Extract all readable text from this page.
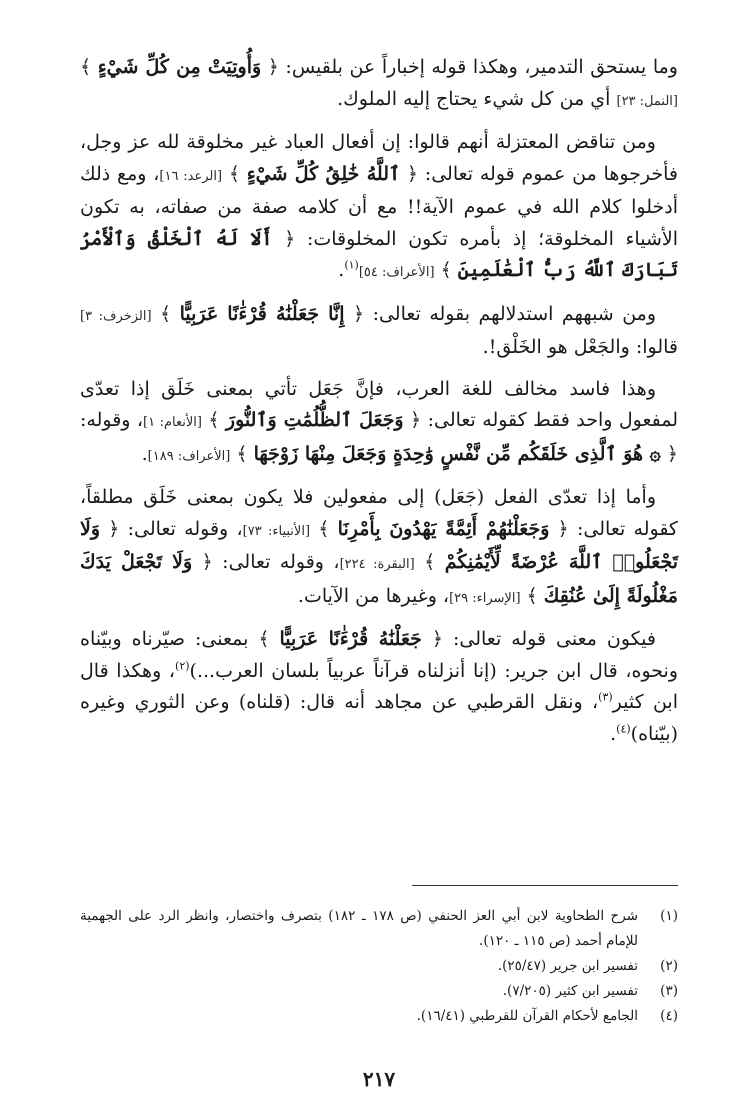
وما يستحق التدمير، وهكذا قوله إخباراً عن بلقيس: ﴿ وَأُوتِيَتْ مِن كُلِّ شَيْءٍ ﴾ [النمل: ٢٣] أي من كل شيء يحتاج إليه الملوك.

ومن تناقض المعتزلة أنهم قالوا: إن أفعال العباد غير مخلوقة لله عز وجل، فأخرجوها من عموم قوله تعالى: ﴿ ٱللَّهُ خَٰلِقُ كُلِّ شَيْءٍ ﴾ [الرعد: ١٦]، ومع ذلك أدخلوا كلام الله في عموم الآية!! مع أن كلامه صفة من صفاته، به تكون الأشياء المخلوقة؛ إذ بأمره تكون المخلوقات: ﴿ أَلَا لَهُ ٱلْخَلْقُ وَٱلْأَمْرُ تَبَارَكَ ٱللَّهُ رَبُّ ٱلْعَٰلَمِينَ ﴾ [الأعراف: ٥٤]$^{(١)}$.

ومن شبههم استدلالهم بقوله تعالى: ﴿ إِنَّا جَعَلْنَٰهُ قُرْءَٰنًا عَرَبِيًّا ﴾ [الزخرف: ٣] قالوا: والجَعْل هو الخَلْق!.

وهذا فاسد مخالف للغة العرب، فإنَّ جَعَل تأتي بمعنى خَلَق إذا تعدّى لمفعول واحد فقط كقوله تعالى: ﴿ وَجَعَلَ ٱلظُّلُمَٰتِ وَٱلنُّورَ ﴾ [الأنعام: ١]، وقوله: ﴿ ۞ هُوَ ٱلَّذِى خَلَقَكُم مِّن نَّفْسٍ وَٰحِدَةٍ وَجَعَلَ مِنْهَا زَوْجَهَا ﴾ [الأعراف: ١٨٩].

وأما إذا تعدّى الفعل (جَعَل) إلى مفعولين فلا يكون بمعنى خَلَق مطلقاً، كقوله تعالى: ﴿ وَجَعَلْنَٰهُمْ أَئِمَّةً يَهْدُونَ بِأَمْرِنَا ﴾ [الأنبياء: ٧٣]، وقوله تعالى: ﴿ وَلَا تَجْعَلُوا۟ ٱللَّهَ عُرْضَةً لِّأَيْمَٰنِكُمْ ﴾ [البقرة: ٢٢٤]، وقوله تعالى: ﴿ وَلَا تَجْعَلْ يَدَكَ مَغْلُولَةً إِلَىٰ عُنُقِكَ ﴾ [الإسراء: ٢٩]، وغيرها من الآيات.

فيكون معنى قوله تعالى: ﴿ جَعَلْنَٰهُ قُرْءَٰنًا عَرَبِيًّا ﴾ بمعنى: صيّرناه وبيّناه ونحوه، قال ابن جرير: (إنا أنزلناه قرآناً عربياً بلسان العرب...)$^{(٢)}$، وهكذا قال ابن كثير$^{(٣)}$، ونقل القرطبي عن مجاهد أنه قال: (قلناه) وعن الثوري وغيره (بيّناه)$^{(٤)}$.

(١)
شرح الطحاوية لابن أبي العز الحنفي (ص ١٧٨ ـ ١٨٢) بتصرف واختصار، وانظر الرد على الجهمية للإمام أحمد (ص ١١٥ ـ ١٢٠).

(٢)
تفسير ابن جرير (٢٥/٤٧).

(٣)
تفسير ابن كثير (٧/٢٠٥).

(٤)
الجامع لأحكام القرآن للقرطبي (١٦/٤١).

٢١٧
